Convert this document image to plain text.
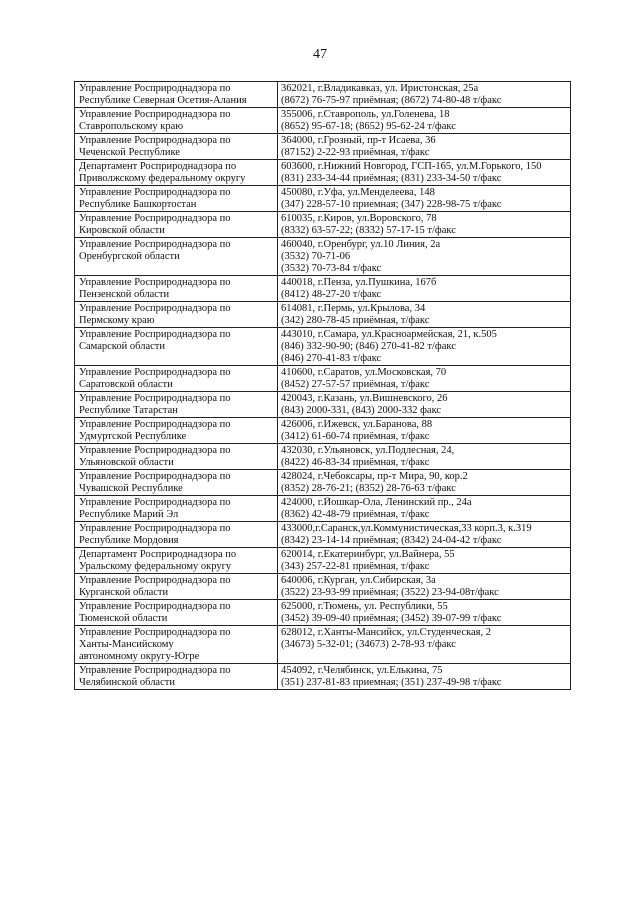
47
Управление Росприроднадзора по
Республике Северная Осетия-Алания	362021, г.Владикавказ, ул. Иристонская, 25а
(8672) 76-75-97 приёмная; (8672) 74-80-48 т/факс

Управление Росприроднадзора по
Ставропольскому краю	355006, г.Ставрополь, ул.Голенева, 18
(8652) 95-67-18; (8652) 95-62-24 т/факс

Управление Росприроднадзора по
Чеченской Республике	364000, г.Грозный, пр-т Исаева, 36
(87152) 2-22-93 приёмная, т/факс

Департамент Росприроднадзора по
Приволжскому федеральному округу	603600, г.Нижний Новгород, ГСП-165, ул.М.Горького, 150
(831) 233-34-44 приёмная; (831) 233-34-50 т/факс

Управление Росприроднадзора по
Республике Башкортостан	450080, г.Уфа, ул.Менделеева, 148
(347) 228-57-10 приемная; (347) 228-98-75 т/факс

Управление Росприроднадзора по
Кировской области	610035, г.Киров, ул.Воровского, 78
(8332) 63-57-22; (8332) 57-17-15 т/факс

Управление Росприроднадзора по
Оренбургской области	460040, г.Оренбург, ул.10 Линия, 2а
(3532) 70-71-06
(3532) 70-73-84 т/факс

Управление Росприроднадзора по
Пензенской области	440018, г.Пенза, ул.Пушкина, 167б
(8412) 48-27-20 т/факс

Управление Росприроднадзора по
Пермскому краю	614081, г.Пермь, ул.Крылова, 34
(342) 280-78-45 приёмная, т/факс

Управление Росприроднадзора по
Самарской области	443010, г.Самара, ул.Красноармейская, 21, к.505
(846) 332-90-90; (846) 270-41-82 т/факс
(846) 270-41-83 т/факс

Управление Росприроднадзора по
Саратовской области	410600, г.Саратов, ул.Московская, 70
(8452) 27-57-57 приёмная, т/факс

Управление Росприроднадзора по
Республике Татарстан	420043, г.Казань, ул.Вишневского, 26
(843) 2000-331, (843) 2000-332 факс

Управление Росприроднадзора по
Удмуртской Республике	426006, г.Ижевск, ул.Баранова, 88
(3412) 61-60-74 приёмная, т/факс

Управление Росприроднадзора по
Ульяновской области	432030, г.Ульяновск, ул.Подлесная, 24,
(8422) 46-83-34 приёмная, т/факс

Управление Росприроднадзора по
Чувашской Республике	428024, г.Чебоксары, пр-т Мира, 90, кор.2
(8352) 28-76-21; (8352) 28-76-63 т/факс

Управление Росприроднадзора по
Республике Марий Эл	424000, г.Йошкар-Ола, Ленинский пр., 24а
(8362) 42-48-79 приёмная, т/факс

Управление Росприроднадзора по
Республике Мордовия	433000,г.Саранск,ул.Коммунистическая,33 корп.3, к.319
(8342) 23-14-14 приёмная; (8342) 24-04-42 т/факс

Департамент Росприроднадзора по
Уральскому федеральному округу	620014, г.Екатеринбург, ул.Вайнера, 55
(343) 257-22-81 приёмная, т/факс

Управление Росприроднадзора по
Курганской области	640006, г.Курган, ул.Сибирская, 3а
(3522) 23-93-99 приёмная; (3522) 23-94-08т/факс

Управление Росприроднадзора по
Тюменской области	625000, г.Тюмень, ул. Республики, 55
(3452) 39-09-40 приёмная; (3452) 39-07-99 т/факс

Управление Росприроднадзора по
Ханты-Мансийскому
автономному округу-Югре	628012, г.Ханты-Мансийск, ул.Студенческая, 2
(34673) 5-32-01; (34673) 2-78-93 т/факс

Управление Росприроднадзора по
Челябинской области	454092, г.Челябинск, ул.Елькина, 75
(351) 237-81-83 приемная; (351) 237-49-98 т/факс
